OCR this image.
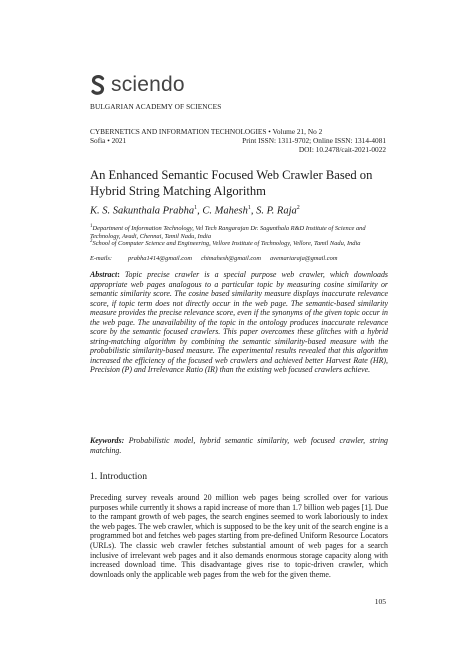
sciendo
BULGARIAN ACADEMY OF SCIENCES
CYBERNETICS AND INFORMATION TECHNOLOGIES • Volume 21, No 2
Sofia • 2021	Print ISSN: 1311-9702; Online ISSN: 1314-4081
DOI: 10.2478/cait-2021-0022
An Enhanced Semantic Focused Web Crawler Based on Hybrid String Matching Algorithm
K. S. Sakunthala Prabha$^1$, C. Mahesh$^1$, S. P. Raja$^2$
$^1$Department of Information Technology, Vel Tech Rangarajan Dr. Sagunthala R&D Institute of Science and Technology, Avadi, Chennai, Tamil Nadu, India
$^2$School of Computer Science and Engineering, Vellore Institute of Technology, Vellore, Tamil Nadu, India
E-mails:	prabha1414@gmail.com chimahesh@gmail.com avemariaraja@gmail.com
Abstract: Topic precise crawler is a special purpose web crawler, which downloads appropriate web pages analogous to a particular topic by measuring cosine similarity or semantic similarity score. The cosine based similarity measure displays inaccurate relevance score, if topic term does not directly occur in the web page. The semantic-based similarity measure provides the precise relevance score, even if the synonyms of the given topic occur in the web page. The unavailability of the topic in the ontology produces inaccurate relevance score by the semantic focused crawlers. This paper overcomes these glitches with a hybrid string-matching algorithm by combining the semantic similarity-based measure with the probabilistic similarity-based measure. The experimental results revealed that this algorithm increased the efficiency of the focused web crawlers and achieved better Harvest Rate (HR), Precision (P) and Irrelevance Ratio (IR) than the existing web focused crawlers achieve.
Keywords: Probabilistic model, hybrid semantic similarity, web focused crawler, string matching.
1. Introduction
Preceding survey reveals around 20 million web pages being scrolled over for various purposes while currently it shows a rapid increase of more than 1.7 billion web pages [1]. Due to the rampant growth of web pages, the search engines seemed to work laboriously to index the web pages. The web crawler, which is supposed to be the key unit of the search engine is a programmed bot and fetches web pages starting from pre-defined Uniform Resource Locators (URLs). The classic web crawler fetches substantial amount of web pages for a search inclusive of irrelevant web pages and it also demands enormous storage capacity along with increased download time. This disadvantage gives rise to topic-driven crawler, which downloads only the applicable web pages from the web for the given theme.
105
